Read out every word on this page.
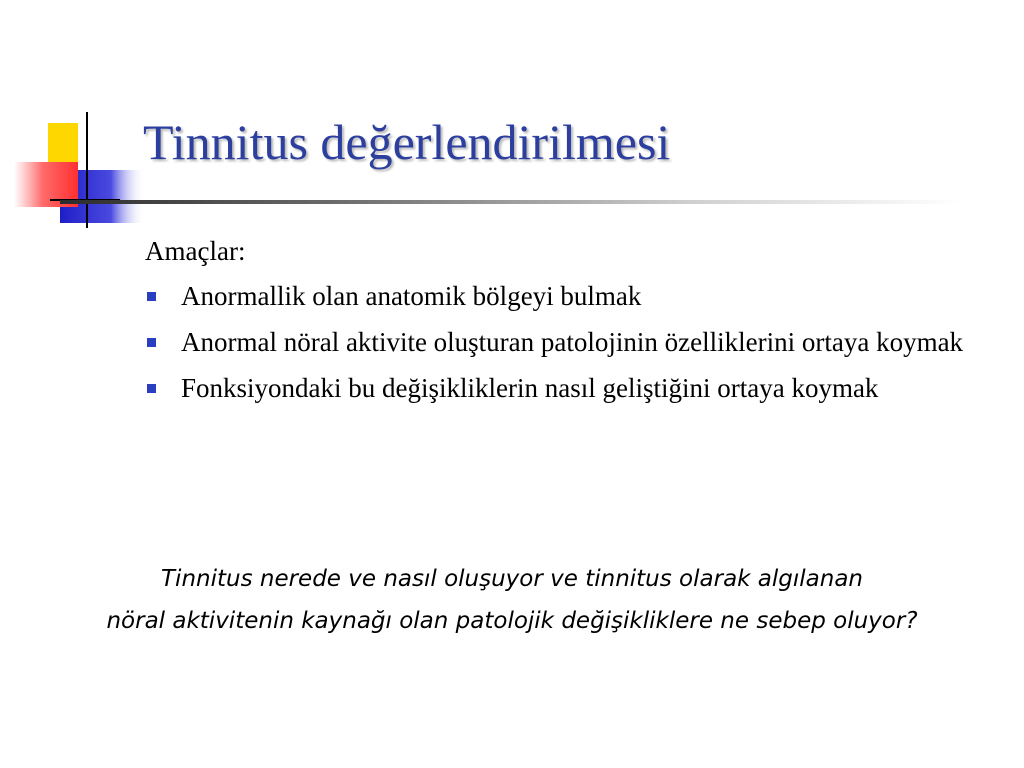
Tinnitus değerlendirilmesi

Amaçlar:

Anormallik olan anatomik bölgeyi bulmak
Anormal nöral aktivite oluşturan patolojinin özelliklerini ortaya koymak
Fonksiyondaki bu değişikliklerin nasıl geliştiğini ortaya koymak
Tinnitus nerede ve nasıl oluşuyor ve tinnitus olarak algılanan
nöral aktivitenin kaynağı olan patolojik değişikliklere ne sebep oluyor?
